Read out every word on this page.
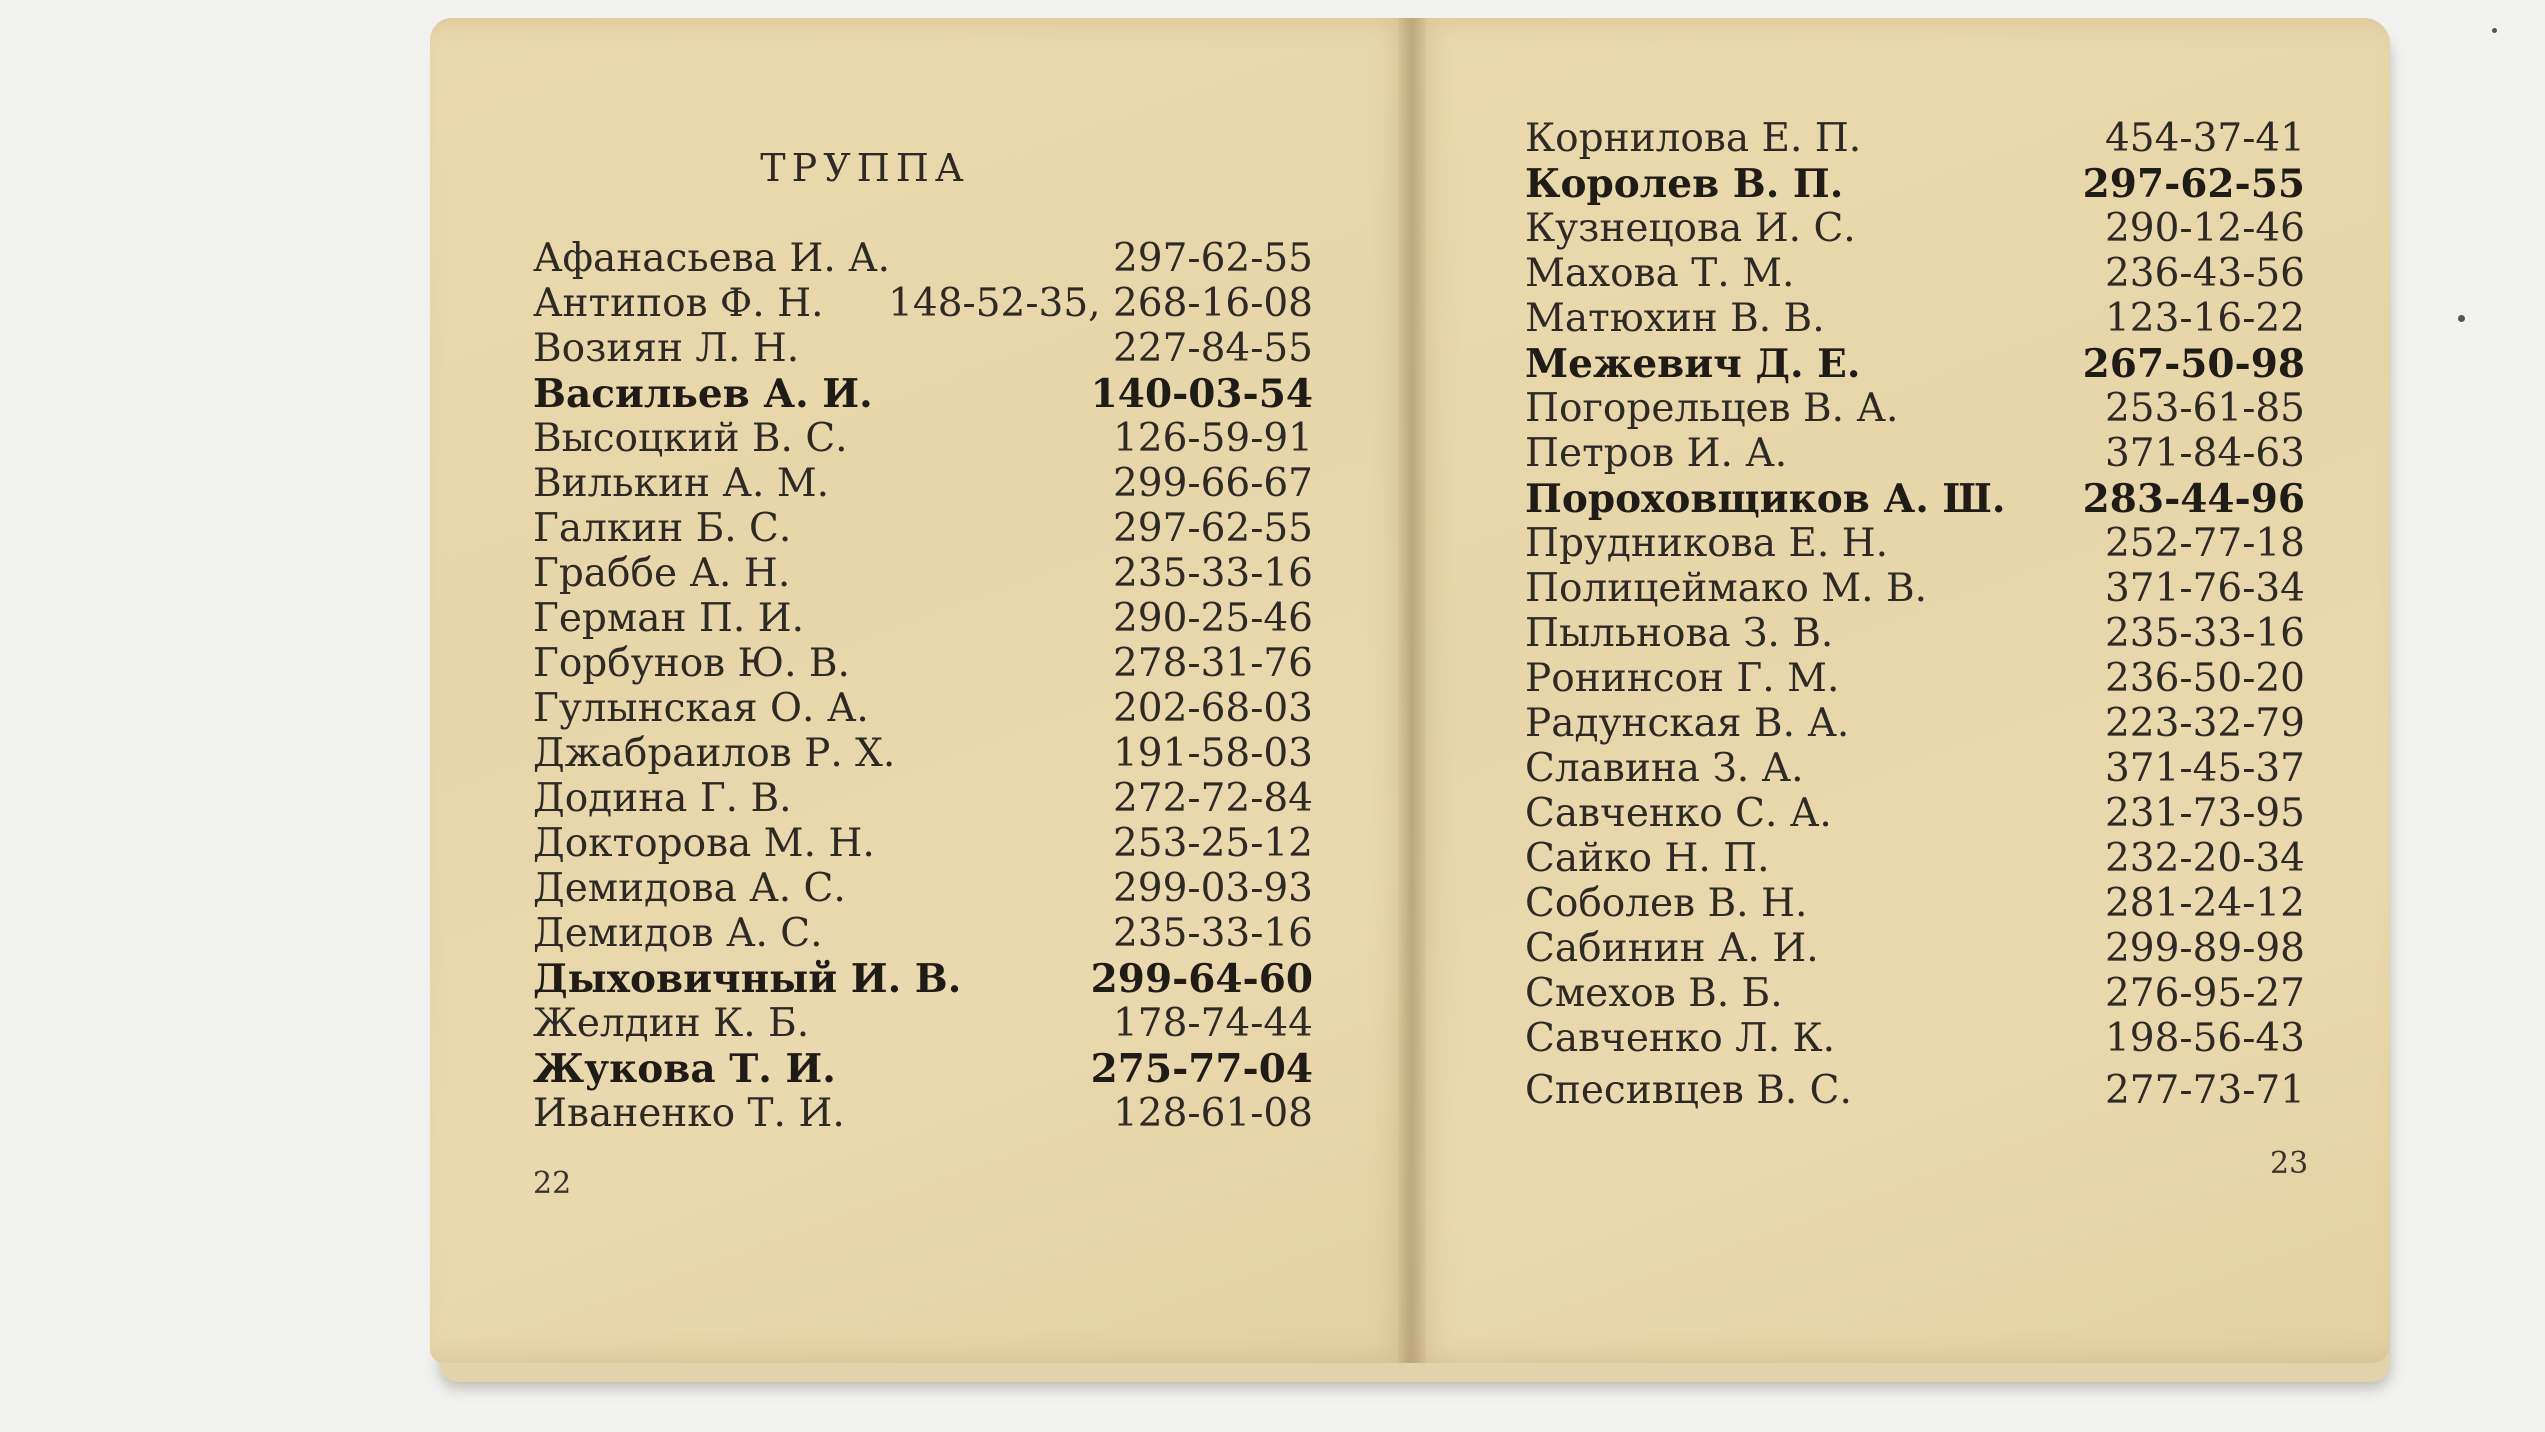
ТРУППА
Афанасьева И. А.	297-62-55
Антипов Ф. Н. 148-52-35, 268-16-08
Возиян Л. Н.	227-84-55
Васильев А. И.	140-03-54
Высоцкий В. С.	126-59-91
Вилькин А. М.	299-66-67
Галкин Б. С.	297-62-55
Граббе А. Н.	235-33-16
Герман П. И.	290-25-46
Горбунов Ю. В.	278-31-76
Гулынская О. А.	202-68-03
Джабраилов Р. Х.	191-58-03
Додина Г. В.	272-72-84
Докторова М. Н.	253-25-12
Демидова А. С.	299-03-93
Демидов А. С.	235-33-16
Дыховичный И. В.	299-64-60
Желдин К. Б.	178-74-44
Жукова Т. И.	275-77-04
Иваненко Т. И.	128-61-08
22
Корнилова Е. П.	454-37-41
Королев В. П.	297-62-55
Кузнецова И. С.	290-12-46
Махова Т. М.	236-43-56
Матюхин В. В.	123-16-22
Межевич Д. Е.	267-50-98
Погорельцев В. А.	253-61-85
Петров И. А.	371-84-63
Пороховщиков А. Ш. 283-44-96
Прудникова Е. Н.	252-77-18
Полицеймако М. В.	371-76-34
Пыльнова З. В.	235-33-16
Ронинсон Г. М.	236-50-20
Радунская В. А.	223-32-79
Славина З. А.	371-45-37
Савченко С. А.	231-73-95
Сайко Н. П.	232-20-34
Соболев В. Н.	281-24-12
Сабинин А. И.	299-89-98
Смехов В. Б.	276-95-27
Савченко Л. К.	198-56-43
Спесивцев В. С.	277-73-71
23
